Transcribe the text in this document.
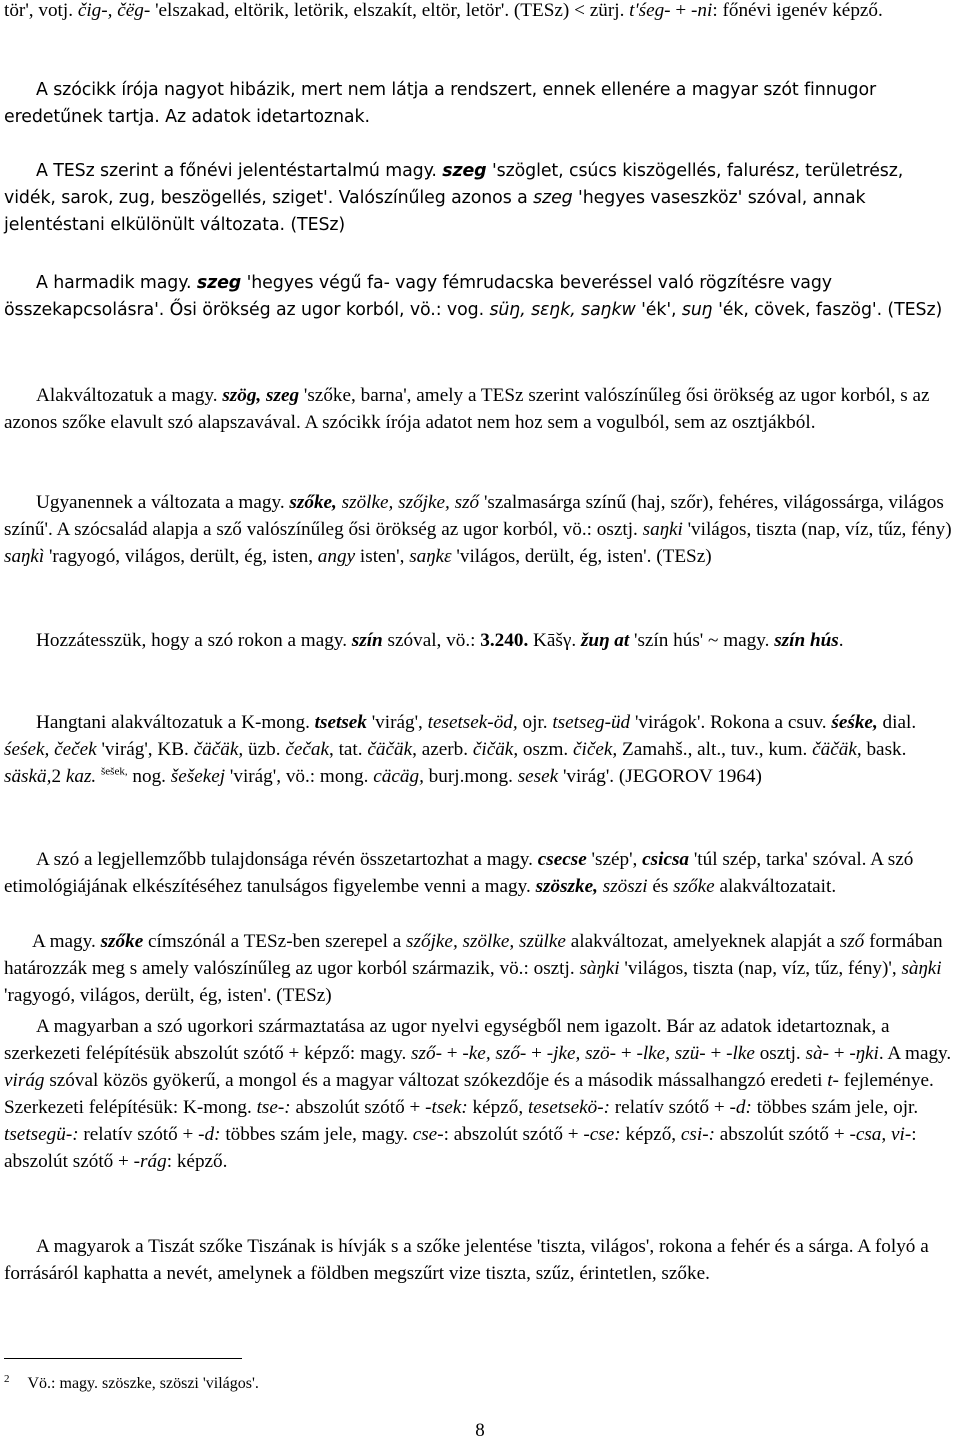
tör', votj. čig-, čëg- 'elszakad, eltörik, letörik, elszakít, eltör, letör'. (TESz) < zürj. t'śeg- + -ni: főnévi igenév képző.

A szócikk írója nagyot hibázik, mert nem látja a rendszert, ennek ellenére a magyar szót finnugor eredetűnek tartja. Az adatok idetartoznak.

A TESz szerint a főnévi jelentéstartalmú magy. szeg 'szöglet, csúcs kiszögellés, falurész, területrész, vidék, sarok, zug, beszögellés, sziget'. Valószínűleg azonos a szeg 'hegyes vaseszköz' szóval, annak jelentéstani elkülönült változata. (TESz)

A harmadik magy. szeg 'hegyes végű fa- vagy fémrudacska beveréssel való rögzítésre vagy összekapcsolásra'. Ősi örökség az ugor korból, vö.: vog. süŋ, sεŋk, saŋkw 'ék', suŋ 'ék, cövek, faszög'. (TESz)

Alakváltozatuk a magy. szög, szeg 'szőke, barna', amely a TESz szerint valószínűleg ősi örökség az ugor korból, s az azonos szőke elavult szó alapszavával. A szócikk írója adatot nem hoz sem a vogulból, sem az osztjákból.

Ugyanennek a változata a magy. szőke, szölke, szőjke, sző 'szalmasárga színű (haj, szőr), fehéres, világossárga, világos színű'. A szócsalád alapja a sző valószínűleg ősi örökség az ugor korból, vö.: osztj. saŋki 'világos, tiszta (nap, víz, tűz, fény) saŋkì 'ragyogó, világos, derült, ég, isten, angy isten', saŋkε 'világos, derült, ég, isten'. (TESz)

Hozzátesszük, hogy a szó rokon a magy. szín szóval, vö.: 3.240. Kāšγ. žuŋ at 'szín hús' ~ magy. szín hús.

Hangtani alakváltozatuk a K-mong. tsetsek 'virág', tesetsek-öd, ojr. tsetseg-üd 'virágok'. Rokona a csuv. śeśke, dial. śeśek, čeček 'virág', KB. čäčäk, üzb. čečak, tat. čäčäk, azerb. čičäk, oszm. čiček, Zamahš., alt., tuv., kum. čäčäk, bask. säskä,2 kaz. $^{šešek,}$ nog. šešekej 'virág', vö.: mong. cäcäg, burj.mong. sesek 'virág'. (JEGOROV 1964)

A szó a legjellemzőbb tulajdonsága révén összetartozhat a magy. csecse 'szép', csicsa 'túl szép, tarka' szóval. A szó etimológiájának elkészítéséhez tanulságos figyelembe venni a magy. szöszke, szöszi és szőke alakváltozatait.

A magy. szőke címszónál a TESz-ben szerepel a szőjke, szölke, szülke alakváltozat, amelyeknek alapját a sző formában határozzák meg s amely valószínűleg az ugor korból származik, vö.: osztj. sàŋki 'világos, tiszta (nap, víz, tűz, fény)', sàŋki 'ragyogó, világos, derült, ég, isten'. (TESz)

A magyarban a szó ugorkori származtatása az ugor nyelvi egységből nem igazolt. Bár az adatok idetartoznak, a szerkezeti felépítésük abszolút szótő + képző: magy. sző- + -ke, sző- + -jke, szö- + -lke, szü- + -lke osztj. sà- + -ŋki. A magy. virág szóval közös gyökerű, a mongol és a magyar változat szókezdője és a második mássalhangzó eredeti t- fejleménye. Szerkezeti felépítésük: K-mong. tse-: abszolút szótő + -tsek: képző, tesetsekö-: relatív szótő + -d: többes szám jele, ojr. tsetsegü-: relatív szótő + -d: többes szám jele, magy. cse-: abszolút szótő + -cse: képző, csi-: abszolút szótő + -csa, vi-: abszolút szótő + -rág: képző.

A magyarok a Tiszát szőke Tiszának is hívják s a szőke jelentése 'tiszta, világos', rokona a fehér és a sárga. A folyó a forrásáról kaphatta a nevét, amelynek a földben megszűrt vize tiszta, szűz, érintetlen, szőke.

$^2$ Vö.: magy. szöszke, szöszi 'világos'.
8
